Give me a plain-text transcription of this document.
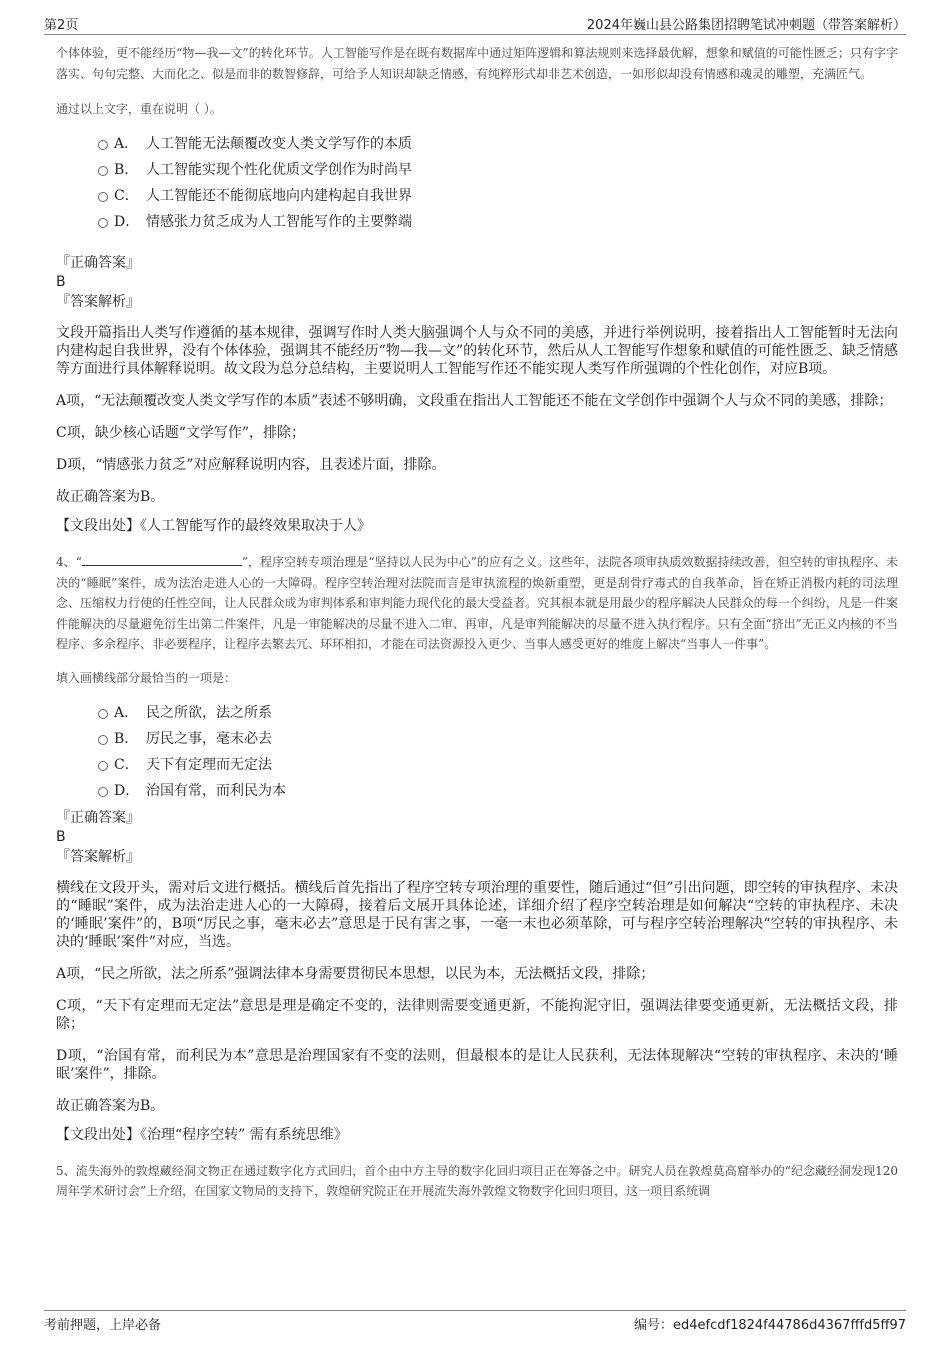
第2页	2024年巍山县公路集团招聘笔试冲刺题（带答案解析）

个体体验，更不能经历“物—我—文”的转化环节。人工智能写作是在既有数据库中通过矩阵逻辑和算法规则来选择最优解，想象和赋值的可能性匮乏；只有字字落实、句句完整、大而化之、似是而非的数智修辞，可给予人知识却缺乏情感，有纯粹形式却非艺术创造，一如形似却没有情感和魂灵的雕塑，充满匠气。

通过以上文字，重在说明（ ）。

A． 人工智能无法颠覆改变人类文学写作的本质
B． 人工智能实现个性化优质文学创作为时尚早
C． 人工智能还不能彻底地向内建构起自我世界
D． 情感张力贫乏成为人工智能写作的主要弊端

『正确答案』

B

『答案解析』

文段开篇指出人类写作遵循的基本规律，强调写作时人类大脑强调个人与众不同的美感，并进行举例说明，接着指出人工智能暂时无法向内建构起自我世界，没有个体体验，强调其不能经历“物—我—文”的转化环节，然后从人工智能写作想象和赋值的可能性匮乏、缺乏情感等方面进行具体解释说明。故文段为总分总结构，主要说明人工智能写作还不能实现人类写作所强调的个性化创作，对应B项。

A项，“无法颠覆改变人类文学写作的本质”表述不够明确，文段重在指出人工智能还不能在文学创作中强调个人与众不同的美感，排除；

C项，缺少核心话题“文学写作”，排除；

D项，“情感张力贫乏”对应解释说明内容，且表述片面，排除。

故正确答案为B。

【文段出处】《人工智能写作的最终效果取决于人》

4、“	”，程序空转专项治理是“坚持以人民为中心”的应有之义。这些年，法院各项审执质效数据持续改善，但空转的审执程序、未决的“睡眠”案件，成为法治走进人心的一大障碍。程序空转治理对法院而言是审执流程的焕新重塑，更是刮骨疗毒式的自我革命，旨在矫正消极内耗的司法理念、压缩权力行使的任性空间，让人民群众成为审判体系和审判能力现代化的最大受益者。究其根本就是用最少的程序解决人民群众的每一个纠纷，凡是一件案件能解决的尽量避免衍生出第二件案件，凡是一审能解决的尽量不进入二审、再审，凡是审判能解决的尽量不进入执行程序。只有全面“挤出”无正义内核的不当程序、多余程序、非必要程序，让程序去繁去冗、环环相扣，才能在司法资源投入更少、当事人感受更好的维度上解决“当事人一件事”。

填入画横线部分最恰当的一项是：

A． 民之所欲，法之所系
B． 厉民之事，毫末必去
C． 天下有定理而无定法
D． 治国有常，而利民为本

『正确答案』

B

『答案解析』

横线在文段开头，需对后文进行概括。横线后首先指出了程序空转专项治理的重要性，随后通过“但”引出问题，即空转的审执程序、未决的“睡眠”案件，成为法治走进人心的一大障碍，接着后文展开具体论述，详细介绍了程序空转治理是如何解决“空转的审执程序、未决的‘睡眠’案件”的，B项“厉民之事，毫末必去”意思是于民有害之事，一毫一末也必须革除，可与程序空转治理解决“空转的审执程序、未决的‘睡眠’案件”对应，当选。

A项，“民之所欲，法之所系”强调法律本身需要贯彻民本思想，以民为本，无法概括文段，排除；

C项，“天下有定理而无定法”意思是理是确定不变的，法律则需要变通更新，不能拘泥守旧，强调法律要变通更新，无法概括文段，排除；

D项，“治国有常，而利民为本”意思是治理国家有不变的法则，但最根本的是让人民获利，无法体现解决“空转的审执程序、未决的‘睡眠’案件”，排除。

故正确答案为B。

【文段出处】《治理“程序空转” 需有系统思维》

5、流失海外的敦煌藏经洞文物正在通过数字化方式回归，首个由中方主导的数字化回归项目正在筹备之中。研究人员在敦煌莫高窟举办的“纪念藏经洞发现120周年学术研讨会”上介绍，在国家文物局的支持下，敦煌研究院正在开展流失海外敦煌文物数字化回归项目，这一项目系统调

考前押题，上岸必备	编号：ed4efcdf1824f44786d4367fffd5ff97
